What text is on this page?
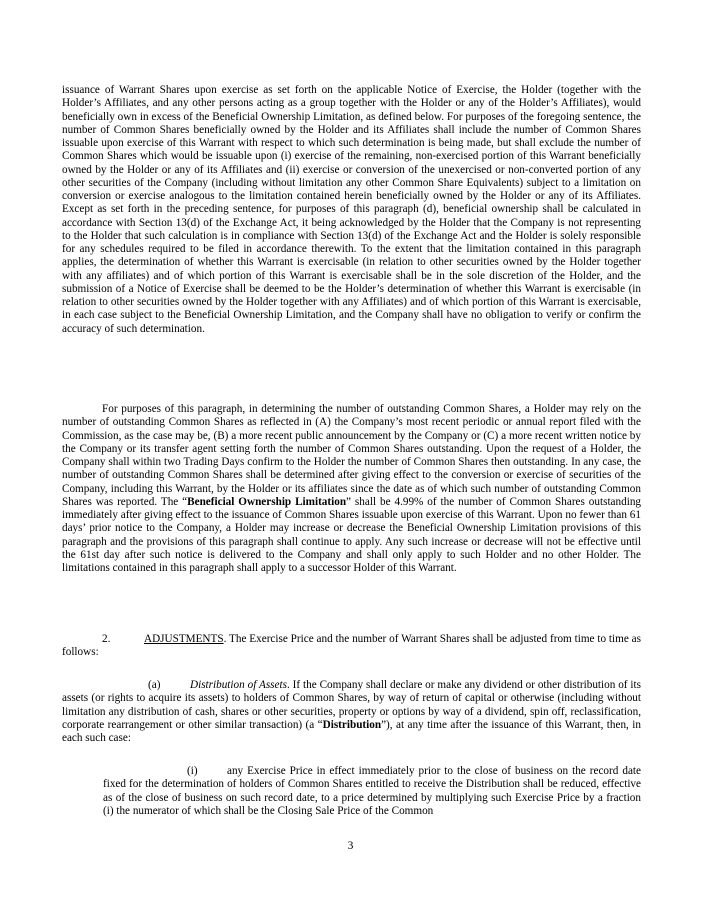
issuance of Warrant Shares upon exercise as set forth on the applicable Notice of Exercise, the Holder (together with the Holder’s Affiliates, and any other persons acting as a group together with the Holder or any of the Holder’s Affiliates), would beneficially own in excess of the Beneficial Ownership Limitation, as defined below. For purposes of the foregoing sentence, the number of Common Shares beneficially owned by the Holder and its Affiliates shall include the number of Common Shares issuable upon exercise of this Warrant with respect to which such determination is being made, but shall exclude the number of Common Shares which would be issuable upon (i) exercise of the remaining, non-exercised portion of this Warrant beneficially owned by the Holder or any of its Affiliates and (ii) exercise or conversion of the unexercised or non-converted portion of any other securities of the Company (including without limitation any other Common Share Equivalents) subject to a limitation on conversion or exercise analogous to the limitation contained herein beneficially owned by the Holder or any of its Affiliates. Except as set forth in the preceding sentence, for purposes of this paragraph (d), beneficial ownership shall be calculated in accordance with Section 13(d) of the Exchange Act, it being acknowledged by the Holder that the Company is not representing to the Holder that such calculation is in compliance with Section 13(d) of the Exchange Act and the Holder is solely responsible for any schedules required to be filed in accordance therewith. To the extent that the limitation contained in this paragraph applies, the determination of whether this Warrant is exercisable (in relation to other securities owned by the Holder together with any affiliates) and of which portion of this Warrant is exercisable shall be in the sole discretion of the Holder, and the submission of a Notice of Exercise shall be deemed to be the Holder’s determination of whether this Warrant is exercisable (in relation to other securities owned by the Holder together with any Affiliates) and of which portion of this Warrant is exercisable, in each case subject to the Beneficial Ownership Limitation, and the Company shall have no obligation to verify or confirm the accuracy of such determination.

For purposes of this paragraph, in determining the number of outstanding Common Shares, a Holder may rely on the number of outstanding Common Shares as reflected in (A) the Company’s most recent periodic or annual report filed with the Commission, as the case may be, (B) a more recent public announcement by the Company or (C) a more recent written notice by the Company or its transfer agent setting forth the number of Common Shares outstanding. Upon the request of a Holder, the Company shall within two Trading Days confirm to the Holder the number of Common Shares then outstanding. In any case, the number of outstanding Common Shares shall be determined after giving effect to the conversion or exercise of securities of the Company, including this Warrant, by the Holder or its affiliates since the date as of which such number of outstanding Common Shares was reported. The “Beneficial Ownership Limitation” shall be 4.99% of the number of Common Shares outstanding immediately after giving effect to the issuance of Common Shares issuable upon exercise of this Warrant. Upon no fewer than 61 days’ prior notice to the Company, a Holder may increase or decrease the Beneficial Ownership Limitation provisions of this paragraph and the provisions of this paragraph shall continue to apply. Any such increase or decrease will not be effective until the 61st day after such notice is delivered to the Company and shall only apply to such Holder and no other Holder. The limitations contained in this paragraph shall apply to a successor Holder of this Warrant.

2.	ADJUSTMENTS. The Exercise Price and the number of Warrant Shares shall be adjusted from time to time as follows:

(a)	Distribution of Assets. If the Company shall declare or make any dividend or other distribution of its assets (or rights to acquire its assets) to holders of Common Shares, by way of return of capital or otherwise (including without limitation any distribution of cash, shares or other securities, property or options by way of a dividend, spin off, reclassification, corporate rearrangement or other similar transaction) (a “Distribution”), at any time after the issuance of this Warrant, then, in each such case:

(i)	any Exercise Price in effect immediately prior to the close of business on the record date fixed for the determination of holders of Common Shares entitled to receive the Distribution shall be reduced, effective as of the close of business on such record date, to a price determined by multiplying such Exercise Price by a fraction (i) the numerator of which shall be the Closing Sale Price of the Common

3
